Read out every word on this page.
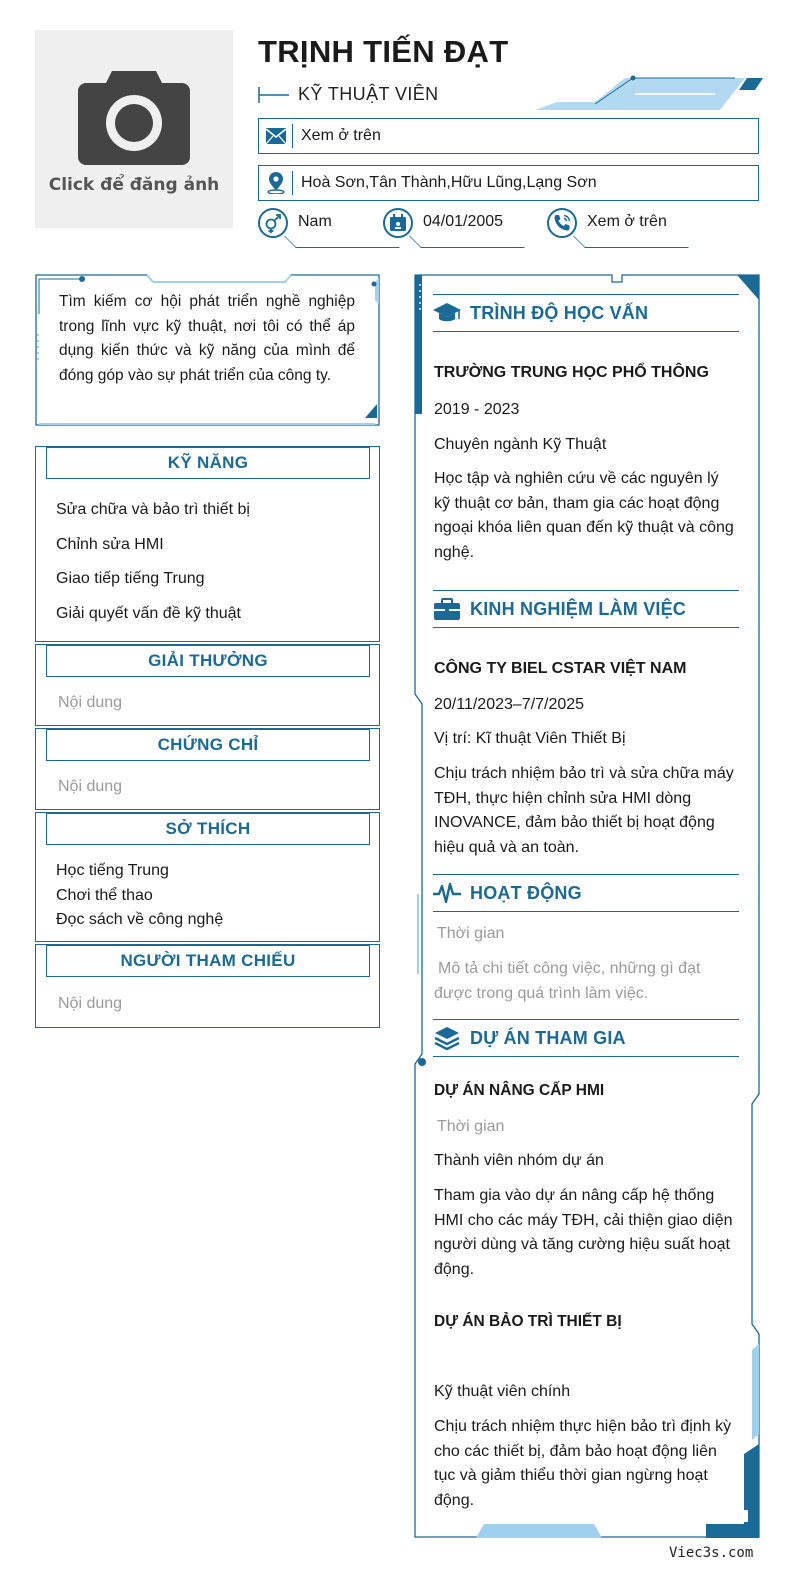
Click để đăng ảnh
TRỊNH TIẾN ĐẠT
KỸ THUẬT VIÊN
Xem ở trên
Hoà Sơn,Tân Thành,Hữu Lũng,Lạng Sơn
Nam	04/01/2005	Xem ở trên
Tìm kiếm cơ hội phát triển nghề nghiệp trong lĩnh vực kỹ thuật, nơi tôi có thể áp dụng kiến thức và kỹ năng của mình để đóng góp vào sự phát triển của công ty.
KỸ NĂNG
Sửa chữa và bảo trì thiết bị
Chỉnh sửa HMI
Giao tiếp tiếng Trung
Giải quyết vấn đề kỹ thuật
GIẢI THƯỞNG
Nội dung
CHỨNG CHỈ
Nội dung
SỞ THÍCH
Học tiếng Trung
Chơi thể thao
Đọc sách về công nghệ
NGƯỜI THAM CHIẾU
Nội dung
TRÌNH ĐỘ HỌC VẤN
TRƯỜNG TRUNG HỌC PHỔ THÔNG
2019 - 2023
Chuyên ngành Kỹ Thuật
Học tập và nghiên cứu về các nguyên lý kỹ thuật cơ bản, tham gia các hoạt động ngoại khóa liên quan đến kỹ thuật và công nghệ.
KINH NGHIỆM LÀM VIỆC
CÔNG TY BIEL CSTAR VIỆT NAM
20/11/2023–7/7/2025
Vị trí: Kĩ thuật Viên Thiết Bị
Chịu trách nhiệm bảo trì và sửa chữa máy TĐH, thực hiện chỉnh sửa HMI dòng INOVANCE, đảm bảo thiết bị hoạt động hiệu quả và an toàn.
HOẠT ĐỘNG
Thời gian
Mô tả chi tiết công việc, những gì đạt được trong quá trình làm việc.
DỰ ÁN THAM GIA
DỰ ÁN NÂNG CẤP HMI
Thời gian
Thành viên nhóm dự án
Tham gia vào dự án nâng cấp hệ thống HMI cho các máy TĐH, cải thiện giao diện người dùng và tăng cường hiệu suất hoạt động.
DỰ ÁN BẢO TRÌ THIẾT BỊ
Kỹ thuật viên chính
Chịu trách nhiệm thực hiện bảo trì định kỳ cho các thiết bị, đảm bảo hoạt động liên tục và giảm thiểu thời gian ngừng hoạt động.
Viec3s.com
